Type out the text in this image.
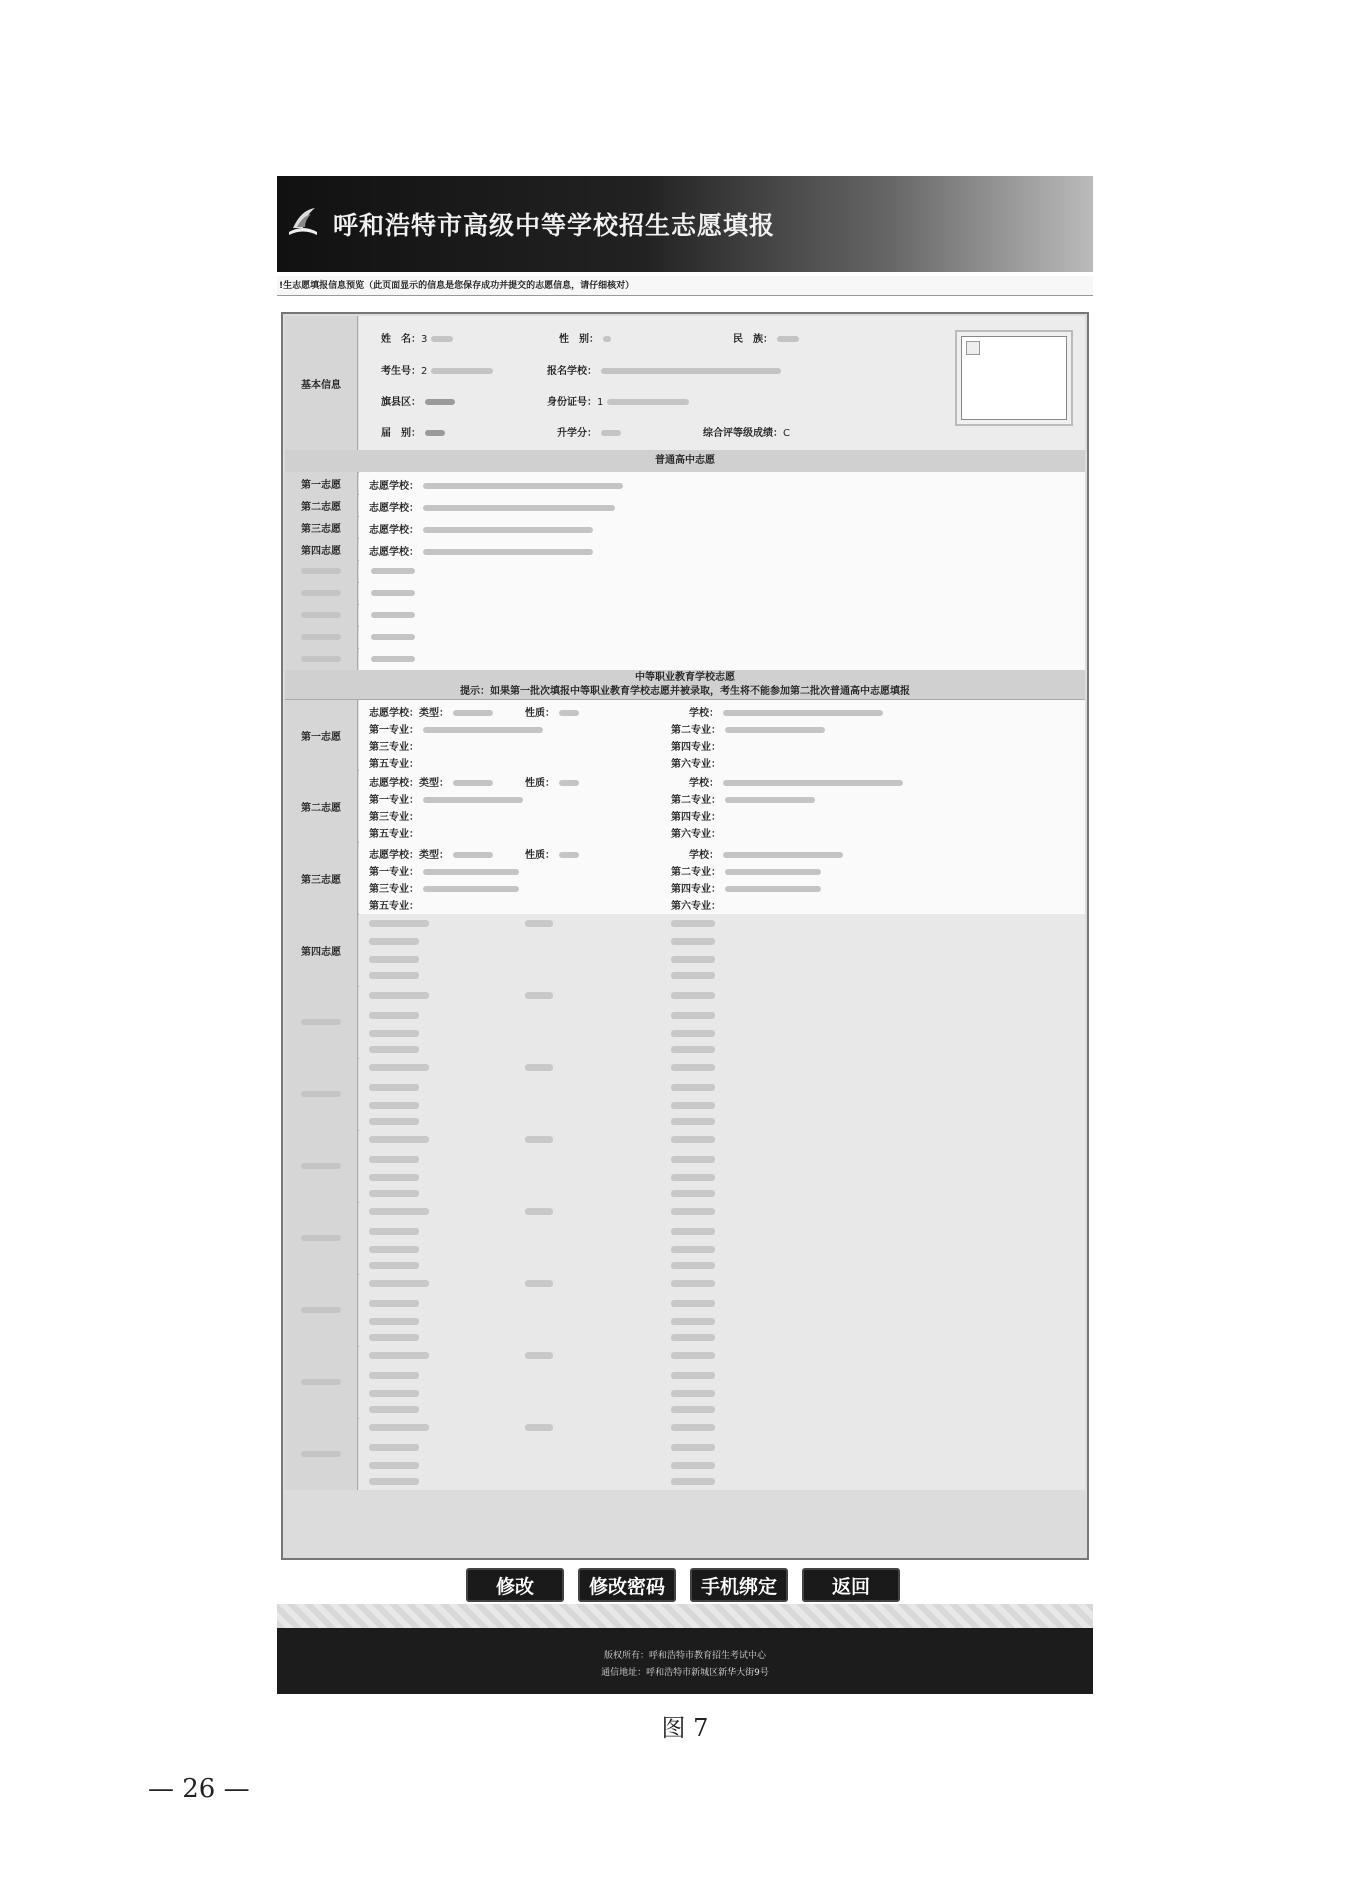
呼和浩特市高级中等学校招生志愿填报
!生志愿填报信息预览（此页面显示的信息是您保存成功并提交的志愿信息，请仔细核对）
基本信息
姓　名：3	性　别：	民　族：
考生号：2	报名学校：
旗县区：	身份证号：1
届　别：	升学分：	综合评等级成绩：C
普通高中志愿
第一志愿	志愿学校：
第二志愿	志愿学校：
第三志愿	志愿学校：
第四志愿	志愿学校：
中等职业教育学校志愿
提示：如果第一批次填报中等职业教育学校志愿并被录取，考生将不能参加第二批次普通高中志愿填报
第一志愿
志愿学校：类型：	性质：	学校：
第一专业：	第二专业：
第三专业：	第四专业：
第五专业：	第六专业：
第二志愿
志愿学校：类型：	性质：	学校：
第一专业：	第二专业：
第三专业：	第四专业：
第五专业：	第六专业：
第三志愿
志愿学校：类型：	性质：	学校：
第一专业：	第二专业：
第三专业：	第四专业：
第五专业：	第六专业：
第四志愿
修改	修改密码	手机绑定	返回
版权所有：呼和浩特市教育招生考试中心
通信地址：呼和浩特市新城区新华大街9号
图 7
— 26 —
